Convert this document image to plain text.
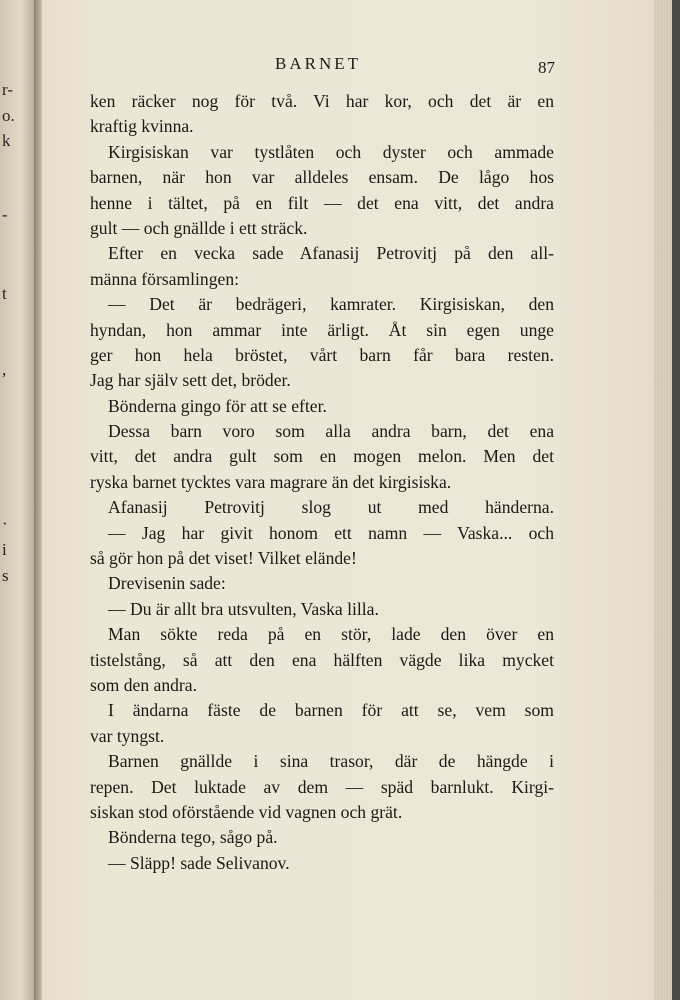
r-
o.
k
-
t
,
·
i
s
BARNET	87
ken räcker nog för två. Vi har kor, och det är en
kraftig kvinna.
Kirgisiskan var tystlåten och dyster och ammade
barnen, när hon var alldeles ensam. De lågo hos
henne i tältet, på en filt — det ena vitt, det andra
gult — och gnällde i ett sträck.
Efter en vecka sade Afanasij Petrovitj på den all-
männa församlingen:
— Det är bedrägeri, kamrater. Kirgisiskan, den
hyndan, hon ammar inte ärligt. Åt sin egen unge
ger hon hela bröstet, vårt barn får bara resten.
Jag har själv sett det, bröder.
Bönderna gingo för att se efter.
Dessa barn voro som alla andra barn, det ena
vitt, det andra gult som en mogen melon. Men det
ryska barnet tycktes vara magrare än det kirgisiska.
Afanasij Petrovitj slog ut med händerna.
— Jag har givit honom ett namn — Vaska... och
så gör hon på det viset! Vilket elände!
Drevisenin sade:
— Du är allt bra utsvulten, Vaska lilla.
Man sökte reda på en stör, lade den över en
tistelstång, så att den ena hälften vägde lika mycket
som den andra.
I ändarna fäste de barnen för att se, vem som
var tyngst.
Barnen gnällde i sina trasor, där de hängde i
repen. Det luktade av dem — späd barnlukt. Kirgi-
siskan stod oförstående vid vagnen och grät.
Bönderna tego, sågo på.
— Släpp! sade Selivanov.
